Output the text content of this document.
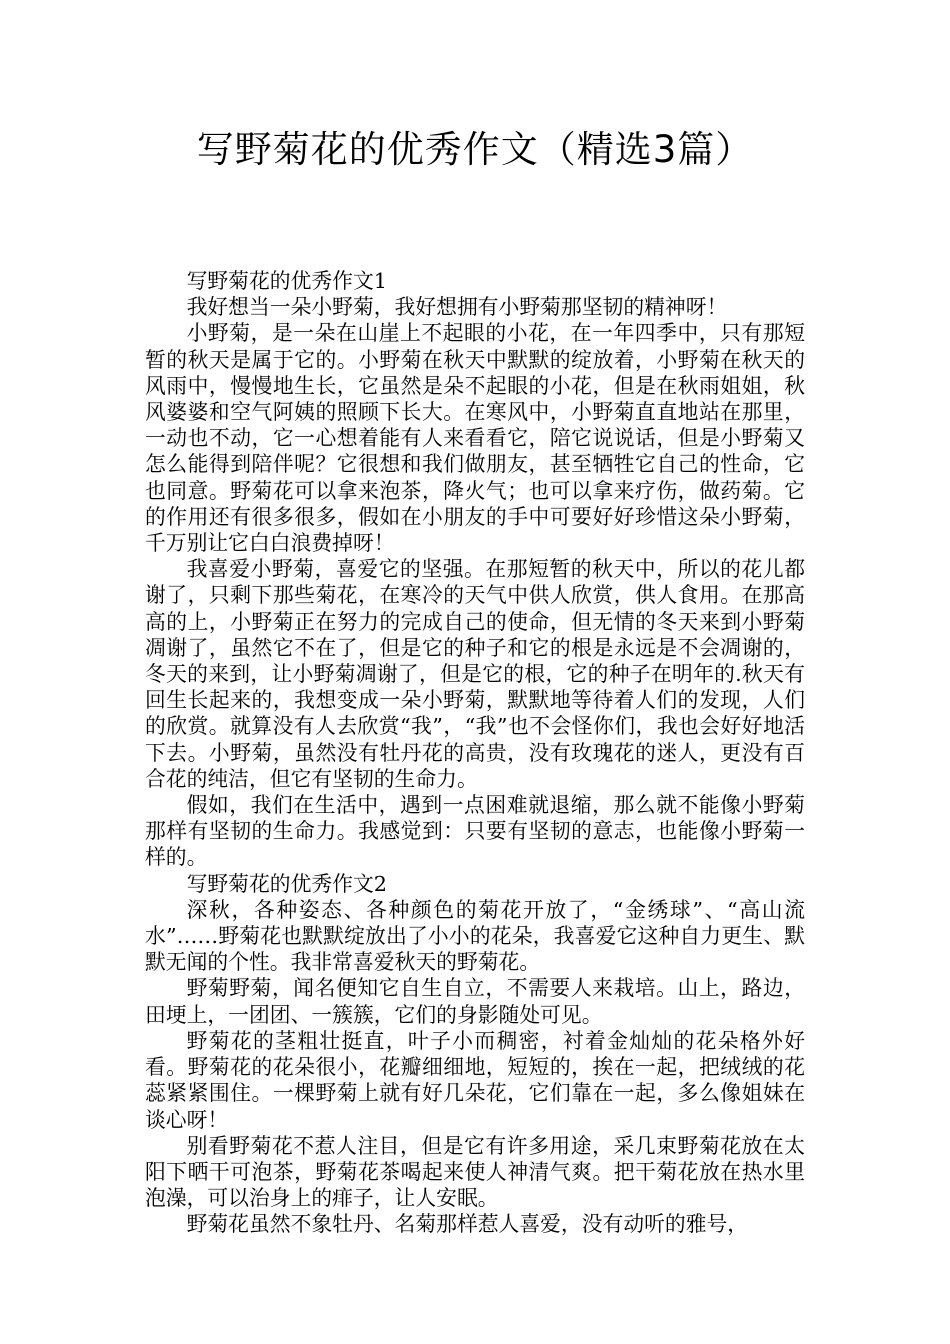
写野菊花的优秀作文（精选3篇）

写野菊花的优秀作文1

我好想当一朵小野菊，我好想拥有小野菊那坚韧的精神呀！

小野菊，是一朵在山崖上不起眼的小花，在一年四季中，只有那短暂的秋天是属于它的。小野菊在秋天中默默的绽放着，小野菊在秋天的风雨中，慢慢地生长，它虽然是朵不起眼的小花，但是在秋雨姐姐，秋风婆婆和空气阿姨的照顾下长大。在寒风中，小野菊直直地站在那里，一动也不动，它一心想着能有人来看看它，陪它说说话，但是小野菊又怎么能得到陪伴呢？它很想和我们做朋友，甚至牺牲它自己的性命，它也同意。野菊花可以拿来泡茶，降火气；也可以拿来疗伤，做药菊。它的作用还有很多很多，假如在小朋友的手中可要好好珍惜这朵小野菊，千万别让它白白浪费掉呀！

我喜爱小野菊，喜爱它的坚强。在那短暂的秋天中，所以的花儿都谢了，只剩下那些菊花，在寒冷的天气中供人欣赏，供人食用。在那高高的上，小野菊正在努力的完成自己的使命，但无情的冬天来到小野菊凋谢了，虽然它不在了，但是它的种子和它的根是永远是不会凋谢的，冬天的来到，让小野菊凋谢了，但是它的根，它的种子在明年的.秋天有回生长起来的，我想变成一朵小野菊，默默地等待着人们的发现，人们的欣赏。就算没有人去欣赏“我”，“我”也不会怪你们，我也会好好地活下去。小野菊，虽然没有牡丹花的高贵，没有玫瑰花的迷人，更没有百合花的纯洁，但它有坚韧的生命力。

假如，我们在生活中，遇到一点困难就退缩，那么就不能像小野菊那样有坚韧的生命力。我感觉到：只要有坚韧的意志，也能像小野菊一样的。

写野菊花的优秀作文2

深秋，各种姿态、各种颜色的菊花开放了，“金绣球”、“高山流水”……野菊花也默默绽放出了小小的花朵，我喜爱它这种自力更生、默默无闻的个性。我非常喜爱秋天的野菊花。

野菊野菊，闻名便知它自生自立，不需要人来栽培。山上，路边，田埂上，一团团、一簇簇，它们的身影随处可见。

野菊花的茎粗壮挺直，叶子小而稠密，衬着金灿灿的花朵格外好看。野菊花的花朵很小，花瓣细细地，短短的，挨在一起，把绒绒的花蕊紧紧围住。一棵野菊上就有好几朵花，它们靠在一起，多么像姐妹在谈心呀！

别看野菊花不惹人注目，但是它有许多用途，采几束野菊花放在太阳下晒干可泡茶，野菊花茶喝起来使人神清气爽。把干菊花放在热水里泡澡，可以治身上的痱子，让人安眠。

野菊花虽然不象牡丹、名菊那样惹人喜爱，没有动听的雅号，
